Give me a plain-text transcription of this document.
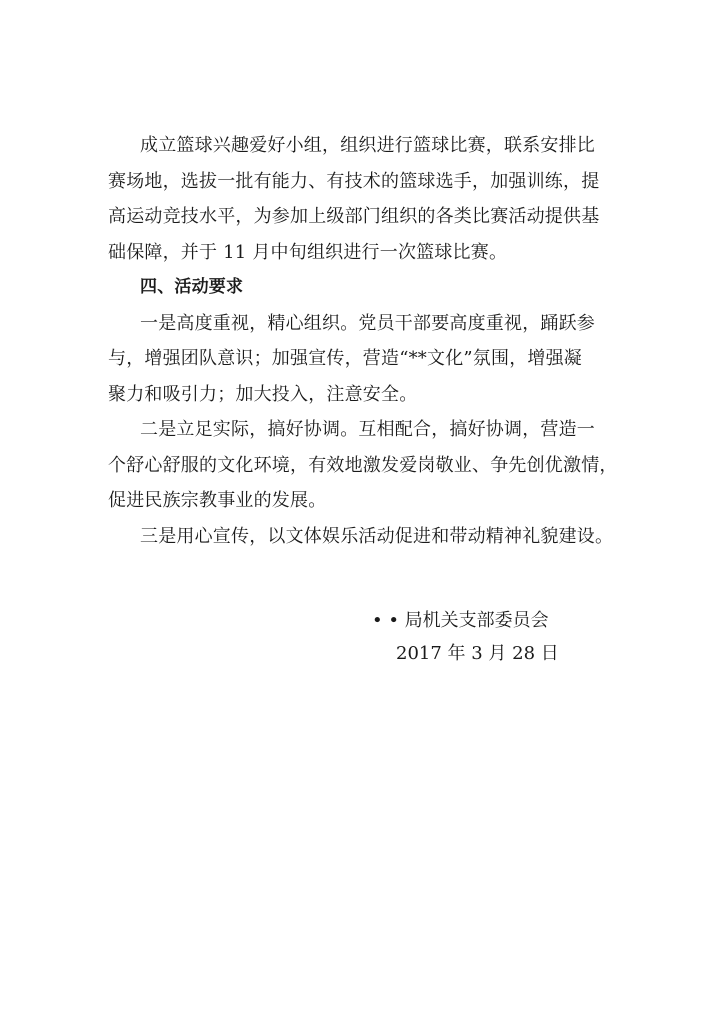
成立篮球兴趣爱好小组，组织进行篮球比赛，联系安排比
赛场地，选拔一批有能力、有技术的篮球选手，加强训练，提
高运动竞技水平，为参加上级部门组织的各类比赛活动提供基
础保障，并于 11 月中旬组织进行一次篮球比赛。
四、活动要求
一是高度重视，精心组织。党员干部要高度重视，踊跃参
与，增强团队意识；加强宣传，营造“**文化”氛围，增强凝
聚力和吸引力；加大投入，注意安全。
二是立足实际，搞好协调。互相配合，搞好协调，营造一
个舒心舒服的文化环境，有效地激发爱岗敬业、争先创优激情，
促进民族宗教事业的发展。
三是用心宣传，以文体娱乐活动促进和带动精神礼貌建设。
• • 局机关支部委员会
2017 年 3 月 28 日
